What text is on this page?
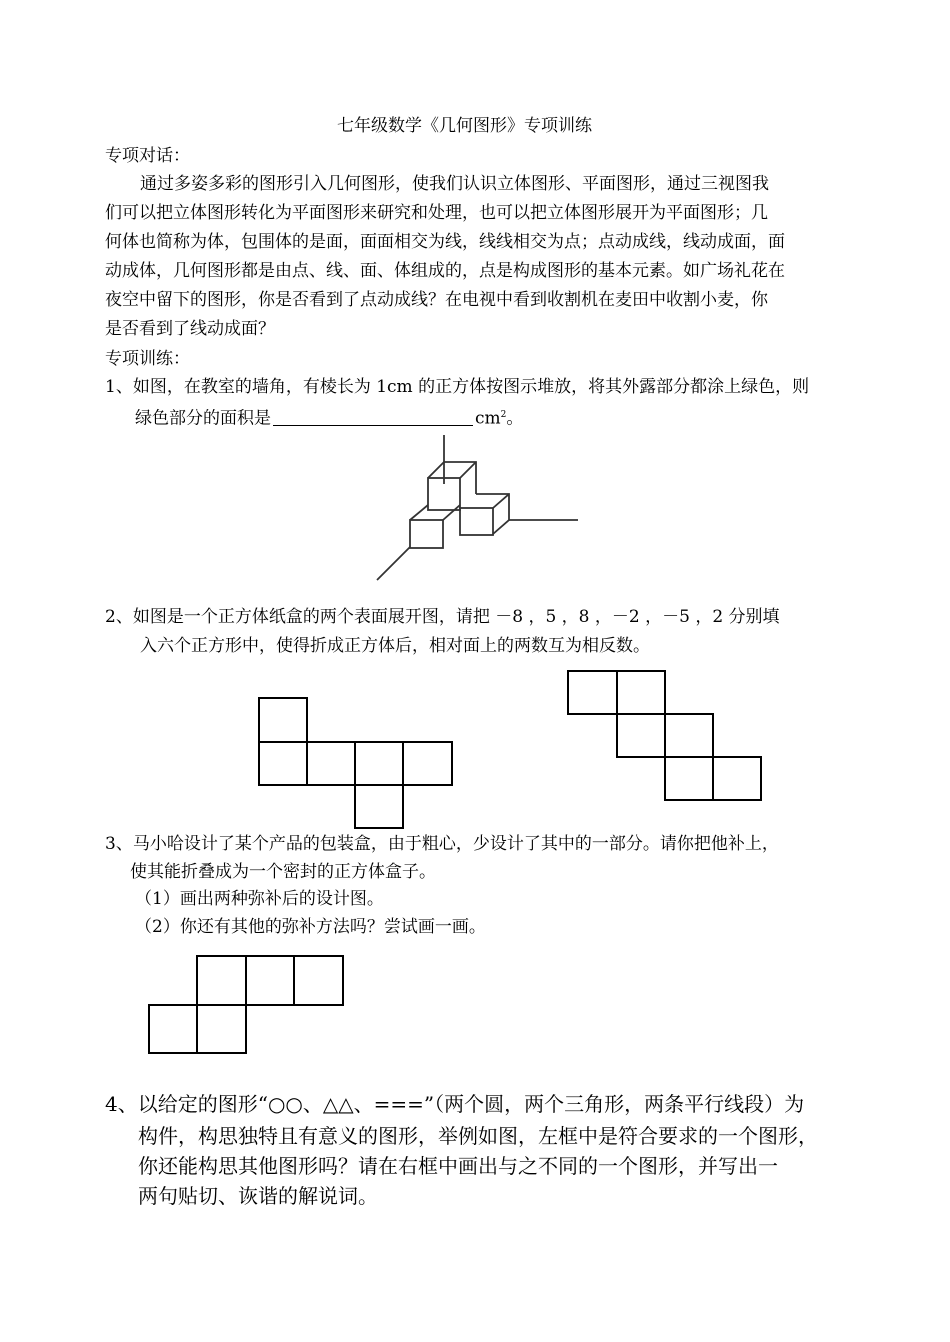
七年级数学《几何图形》专项训练
专项对话：
通过多姿多彩的图形引入几何图形，使我们认识立体图形、平面图形，通过三视图我
们可以把立体图形转化为平面图形来研究和处理，也可以把立体图形展开为平面图形；几
何体也简称为体，包围体的是面，面面相交为线，线线相交为点；点动成线，线动成面，面
动成体，几何图形都是由点、线、面、体组成的，点是构成图形的基本元素。如广场礼花在
夜空中留下的图形，你是否看到了点动成线？在电视中看到收割机在麦田中收割小麦，你
是否看到了线动成面？
专项训练：
1、如图，在教室的墙角，有棱长为 1cm 的正方体按图示堆放，将其外露部分都涂上绿色，则
绿色部分的面积是	$cm^2$。
2、如图是一个正方体纸盒的两个表面展开图，请把 －8 ，5 ，8 ，－2 ，－5 ，2 分别填
入六个正方形中，使得折成正方体后，相对面上的两数互为相反数。
3、马小哈设计了某个产品的包装盒，由于粗心，少设计了其中的一部分。请你把他补上，
使其能折叠成为一个密封的正方体盒子。
（1）画出两种弥补后的设计图。
（2）你还有其他的弥补方法吗？尝试画一画。
4、以给定的图形“○○、△△、===”（两个圆，两个三角形，两条平行线段）为
构件，构思独特且有意义的图形，举例如图，左框中是符合要求的一个图形，
你还能构思其他图形吗？请在右框中画出与之不同的一个图形，并写出一
两句贴切、诙谐的解说词。
